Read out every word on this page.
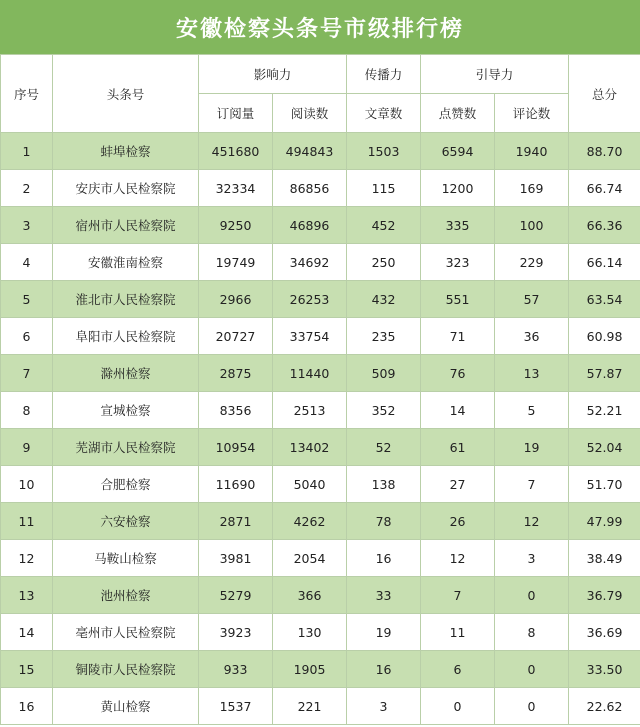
安徽检察头条号市级排行榜
序号	头条号	影响力		传播力	引导力		总分
		订阅量	阅读数	文章数	点赞数	评论数	
1	蚌埠检察	451680	494843	1503	6594	1940	88.70
2	安庆市人民检察院	32334	86856	115	1200	169	66.74
3	宿州市人民检察院	9250	46896	452	335	100	66.36
4	安徽淮南检察	19749	34692	250	323	229	66.14
5	淮北市人民检察院	2966	26253	432	551	57	63.54
6	阜阳市人民检察院	20727	33754	235	71	36	60.98
7	滁州检察	2875	11440	509	76	13	57.87
8	宣城检察	8356	2513	352	14	5	52.21
9	芜湖市人民检察院	10954	13402	52	61	19	52.04
10	合肥检察	11690	5040	138	27	7	51.70
11	六安检察	2871	4262	78	26	12	47.99
12	马鞍山检察	3981	2054	16	12	3	38.49
13	池州检察	5279	366	33	7	0	36.79
14	亳州市人民检察院	3923	130	19	11	8	36.69
15	铜陵市人民检察院	933	1905	16	6	0	33.50
16	黄山检察	1537	221	3	0	0	22.62
